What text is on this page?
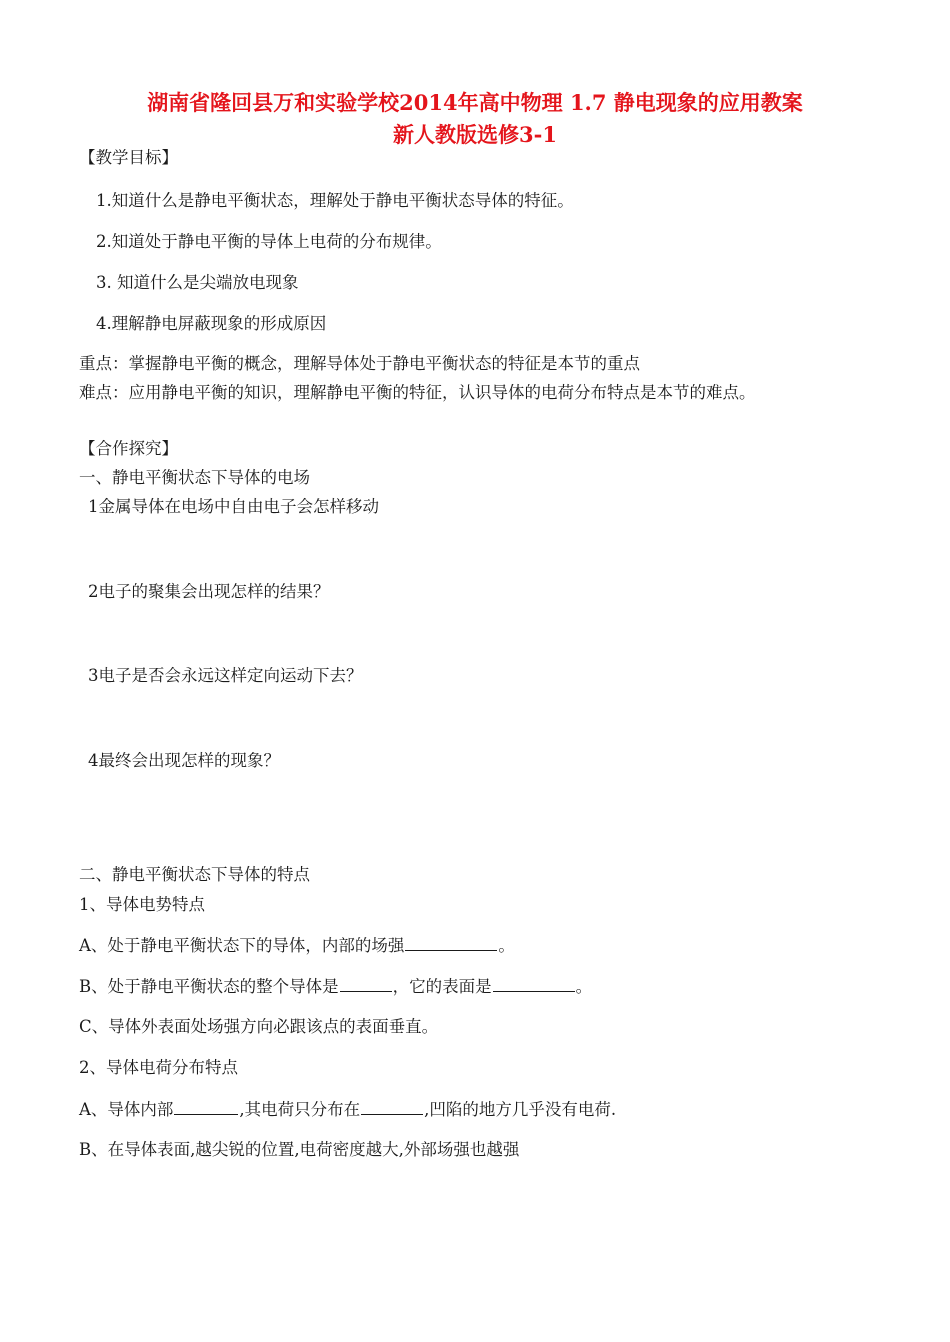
湖南省隆回县万和实验学校2014年高中物理 1.7 静电现象的应用教案
新人教版选修3-1
【教学目标】
1.知道什么是静电平衡状态，理解处于静电平衡状态导体的特征。
2.知道处于静电平衡的导体上电荷的分布规律。
3. 知道什么是尖端放电现象
4.理解静电屏蔽现象的形成原因
重点：掌握静电平衡的概念，理解导体处于静电平衡状态的特征是本节的重点
难点：应用静电平衡的知识，理解静电平衡的特征，认识导体的电荷分布特点是本节的难点。
【合作探究】
一、静电平衡状态下导体的电场
1金属导体在电场中自由电子会怎样移动
2电子的聚集会出现怎样的结果？
3电子是否会永远这样定向运动下去？
4最终会出现怎样的现象？
二、静电平衡状态下导体的特点
1、导体电势特点
A、处于静电平衡状态下的导体，内部的场强	。
B、处于静电平衡状态的整个导体是	，它的表面是	。
C、导体外表面处场强方向必跟该点的表面垂直。
2、导体电荷分布特点
A、导体内部	,其电荷只分布在	,凹陷的地方几乎没有电荷.
B、在导体表面,越尖锐的位置,电荷密度越大,外部场强也越强
